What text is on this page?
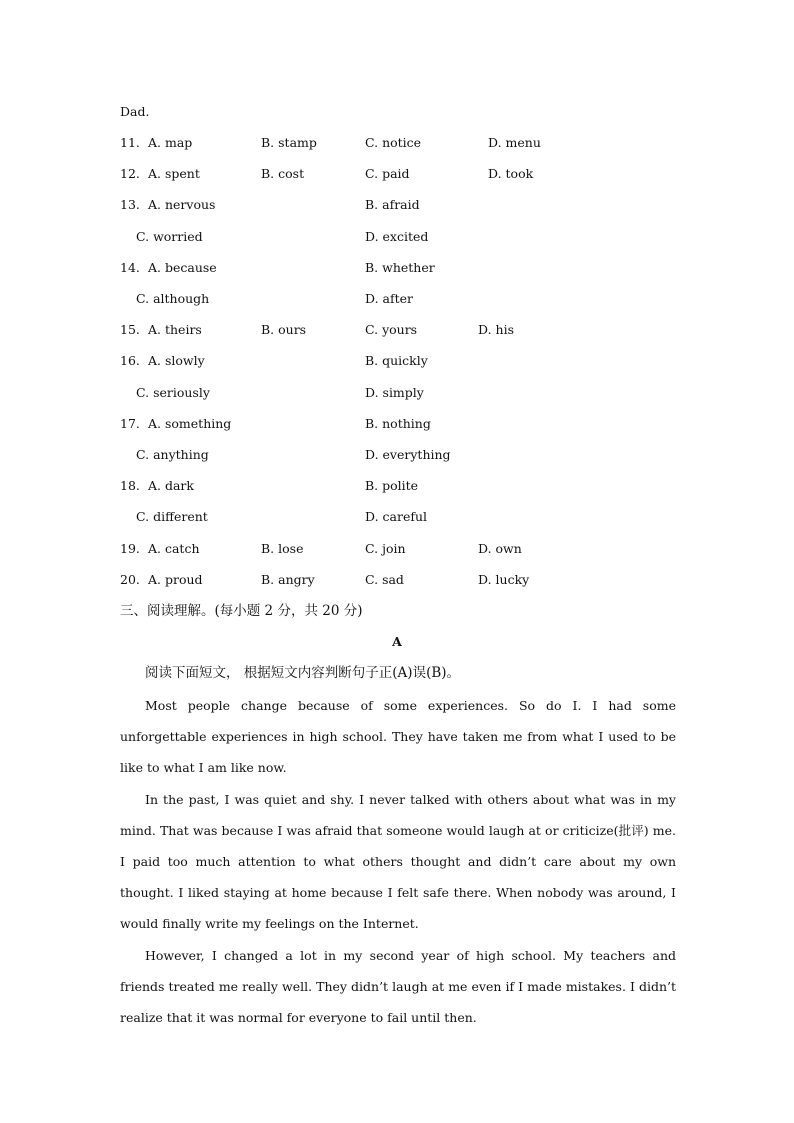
Dad.
11. A. map	B. stamp	C. notice	D. menu
12. A. spent	B. cost	C. paid	D. took
13. A. nervous	B. afraid
C. worried	D. excited
14. A. because	B. whether
C. although	D. after
15. A. theirs	B. ours	C. yours	D. his
16. A. slowly	B. quickly
C. seriously	D. simply
17. A. something	B. nothing
C. anything	D. everything
18. A. dark	B. polite
C. different	D. careful
19. A. catch	B. lose	C. join	D. own
20. A. proud	B. angry	C. sad	D. lucky
三、阅读理解。(每小题 2 分，共 20 分)
A
阅读下面短文， 根据短文内容判断句子正(A)误(B)。

Most people change because of some experiences. So do I. I had some unforgettable experiences in high school. They have taken me from what I used to be like to what I am like now.

In the past, I was quiet and shy. I never talked with others about what was in my mind. That was because I was afraid that someone would laugh at or criticize(批评) me. I paid too much attention to what others thought and didn’t care about my own thought. I liked staying at home because I felt safe there. When nobody was around, I would finally write my feelings on the Internet.

However, I changed a lot in my second year of high school. My teachers and friends treated me really well. They didn’t laugh at me even if I made mistakes. I didn’t realize that it was normal for everyone to fail until then.
